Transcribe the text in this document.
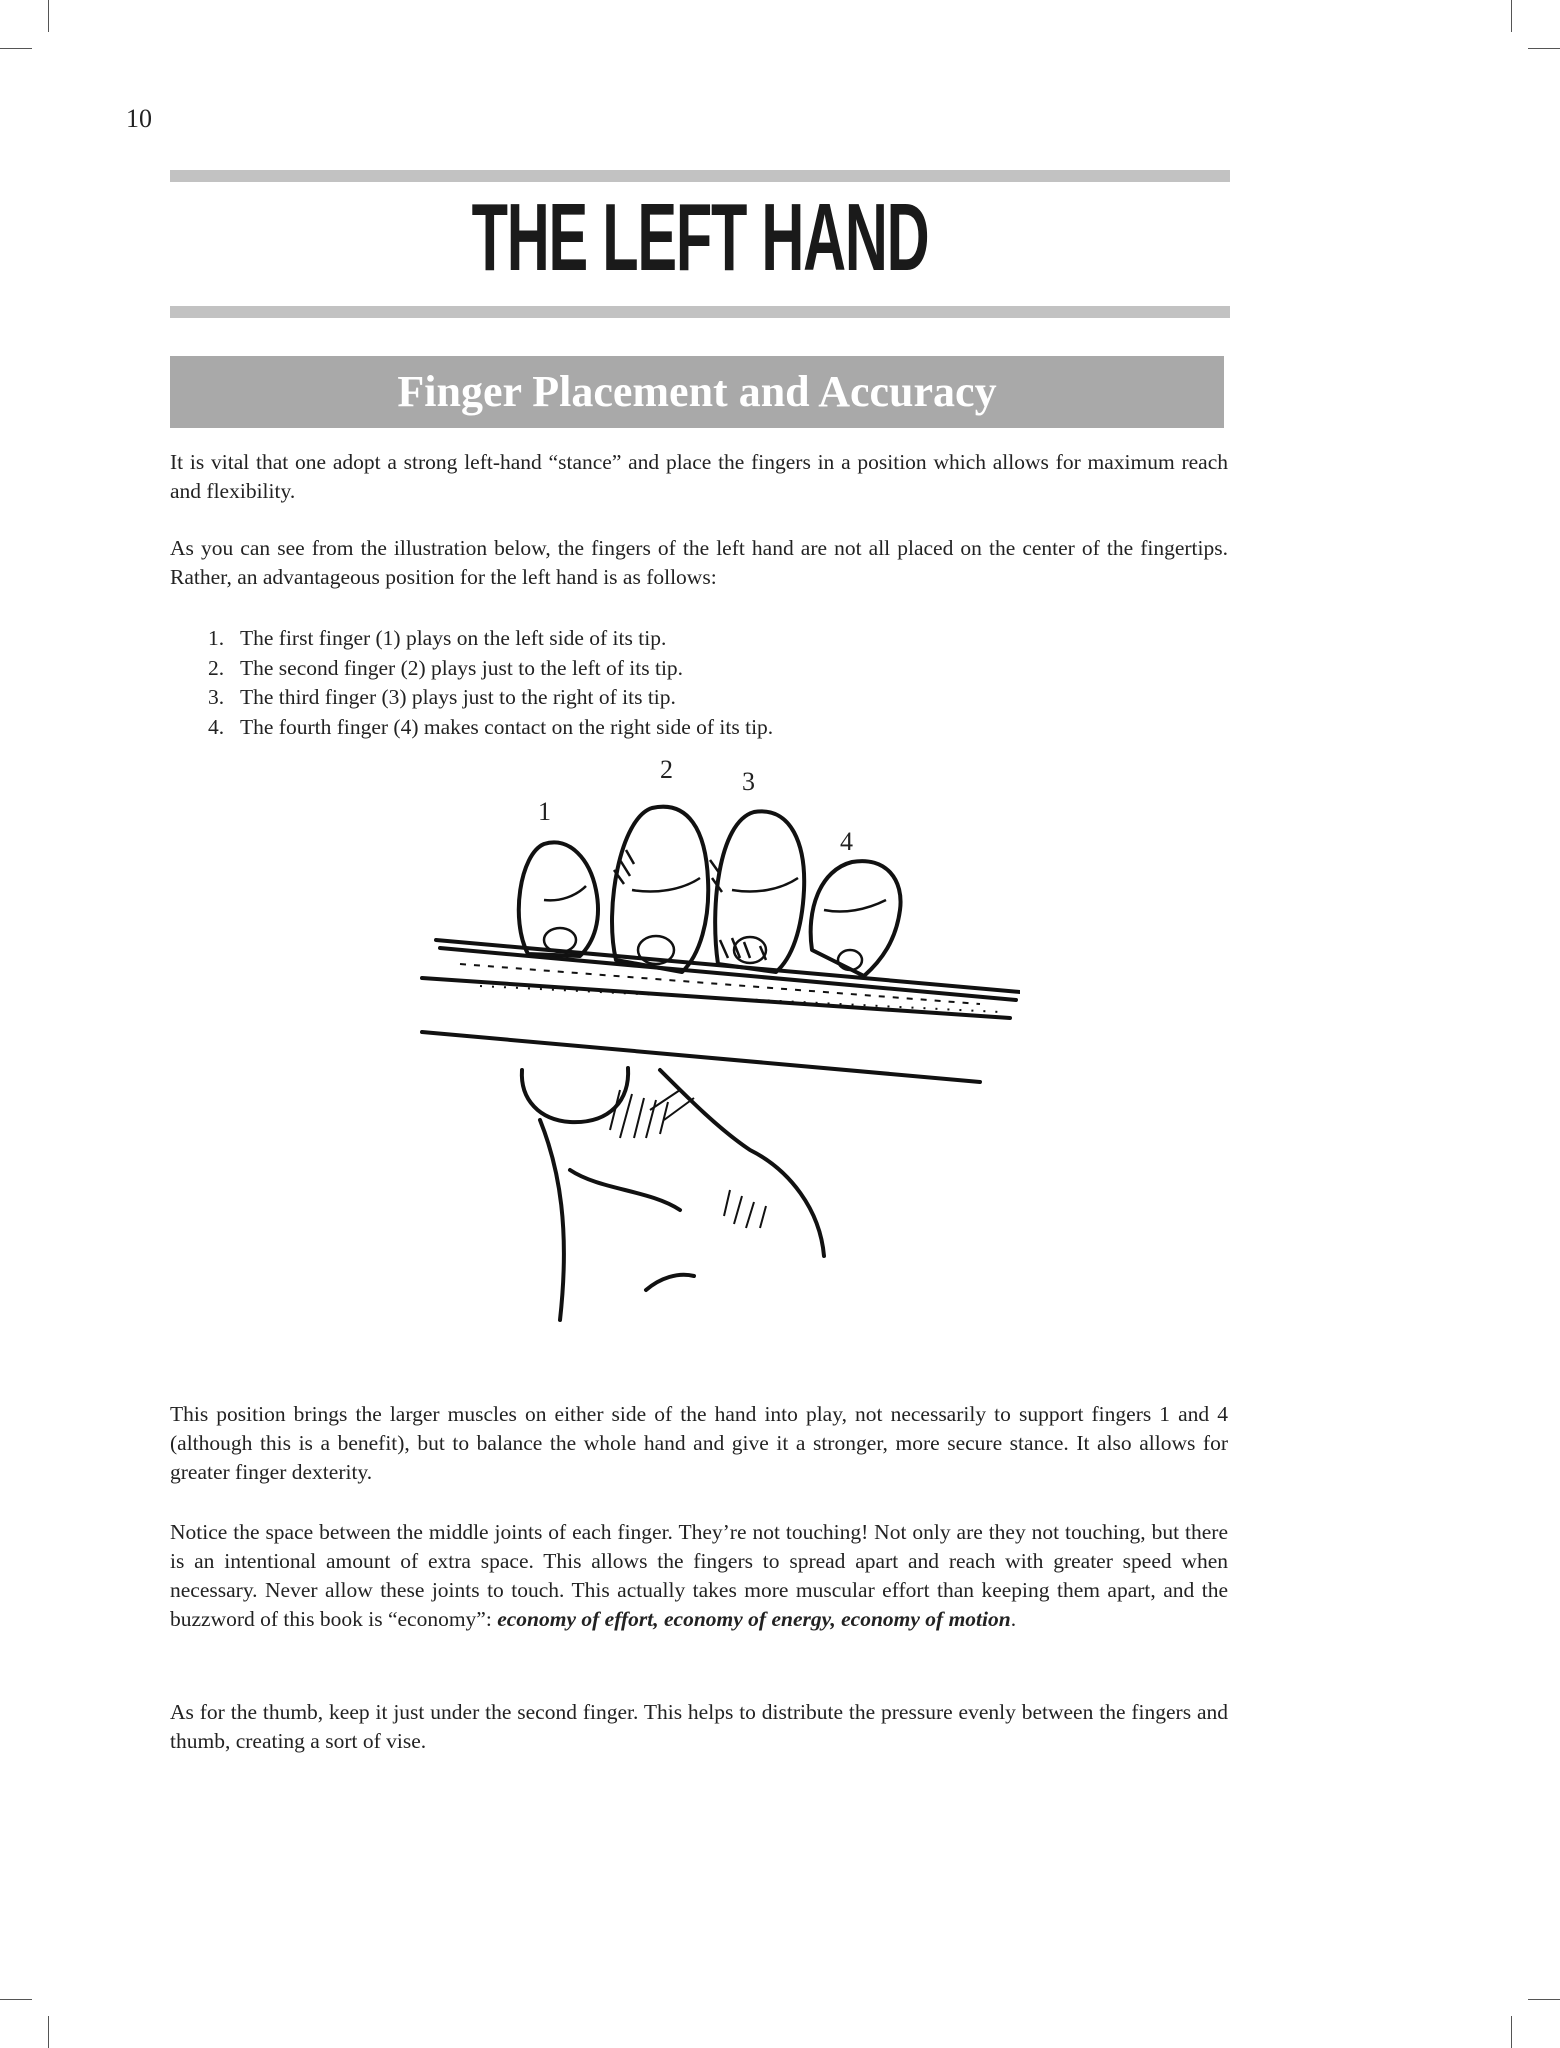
10
THE LEFT HAND
Finger Placement and Accuracy
It is vital that one adopt a strong left-hand “stance” and place the fingers in a position which allows for maximum reach and flexibility.
As you can see from the illustration below, the fingers of the left hand are not all placed on the center of the fingertips. Rather, an advantageous position for the left hand is as follows:
1. The first finger (1) plays on the left side of its tip.
2. The second finger (2) plays just to the left of its tip.
3. The third finger (3) plays just to the right of its tip.
4. The fourth finger (4) makes contact on the right side of its tip.
1
2	3
4
This position brings the larger muscles on either side of the hand into play, not necessarily to support fingers 1 and 4 (although this is a benefit), but to balance the whole hand and give it a stronger, more secure stance. It also allows for greater finger dexterity.
Notice the space between the middle joints of each finger. They’re not touching! Not only are they not touching, but there is an intentional amount of extra space. This allows the fingers to spread apart and reach with greater speed when necessary. Never allow these joints to touch. This actually takes more muscular effort than keeping them apart, and the buzzword of this book is “economy”: economy of effort, economy of energy, economy of motion.
As for the thumb, keep it just under the second finger. This helps to distribute the pressure evenly between the fingers and thumb, creating a sort of vise.
